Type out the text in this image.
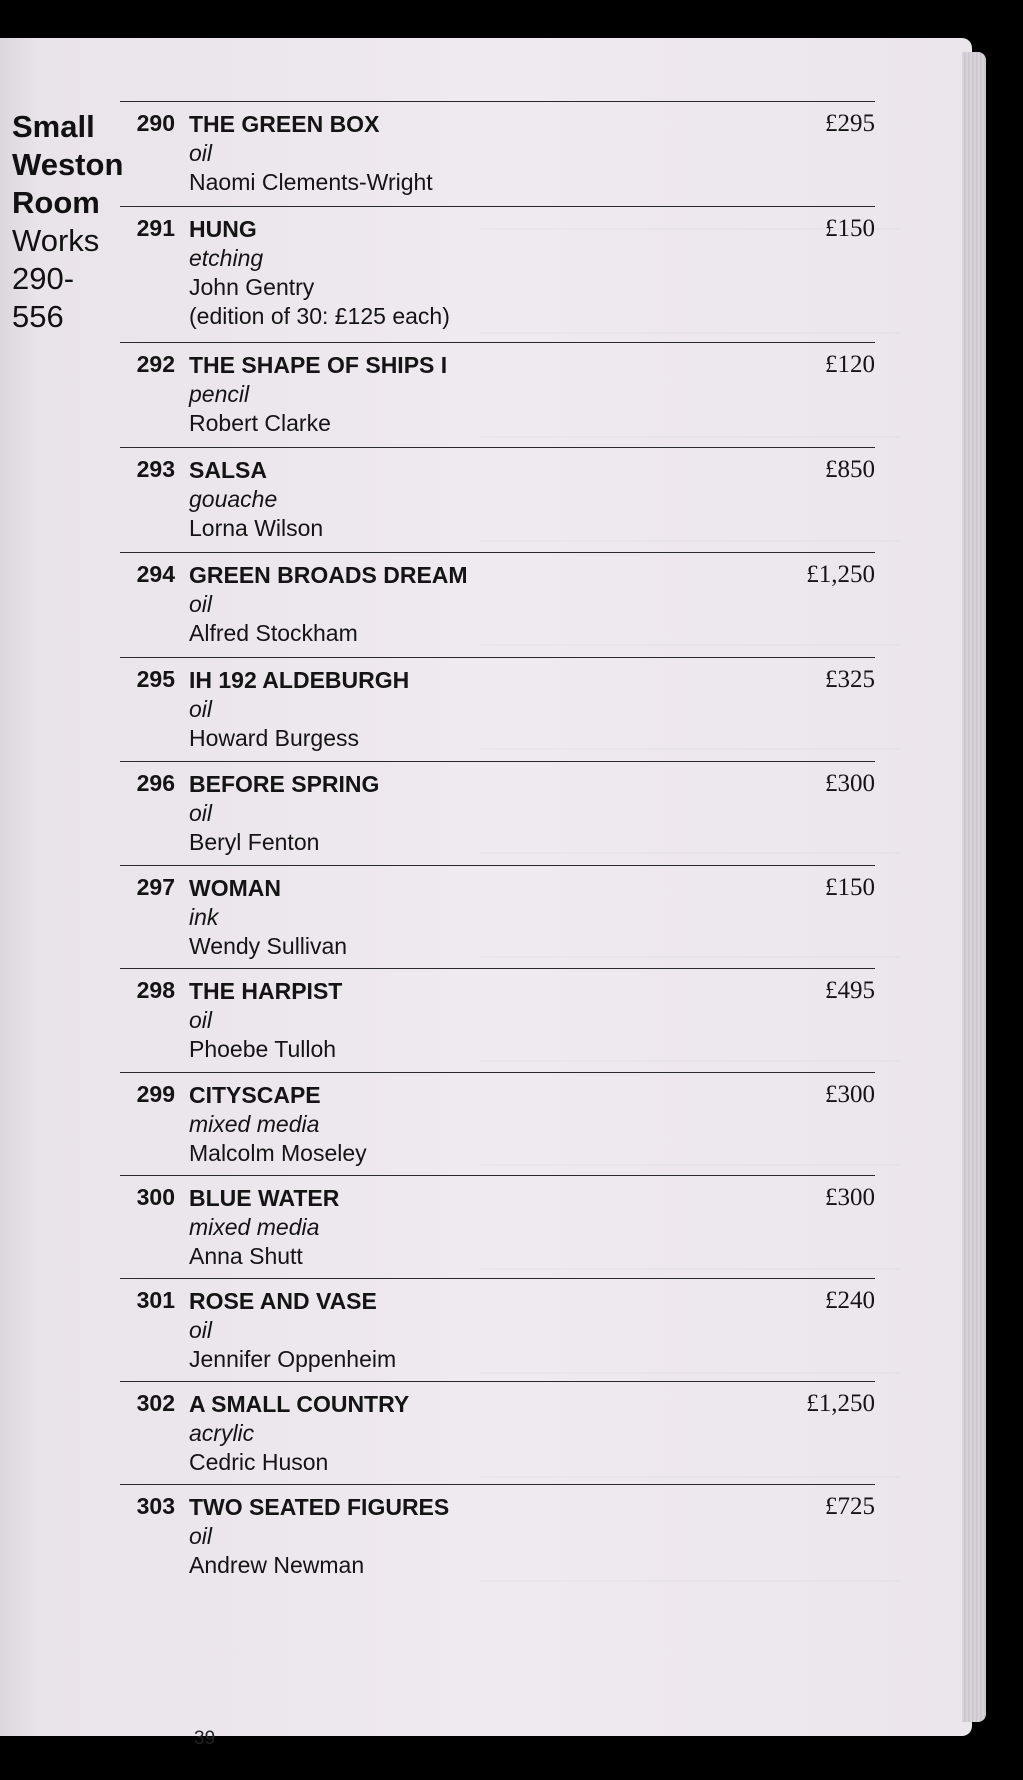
Small
Weston
Room
Works
290-
556
290 THE GREEN BOX
oil
Naomi Clements-Wright
£295
291 HUNG
etching
John Gentry
(edition of 30: £125 each)
£150
292 THE SHAPE OF SHIPS I
pencil
Robert Clarke
£120
293 SALSA
gouache
Lorna Wilson
£850
294 GREEN BROADS DREAM
oil
Alfred Stockham
£1,250
295 IH 192 ALDEBURGH
oil
Howard Burgess
£325
296 BEFORE SPRING
oil
Beryl Fenton
£300
297 WOMAN
ink
Wendy Sullivan
£150
298 THE HARPIST
oil
Phoebe Tulloh
£495
299 CITYSCAPE
mixed media
Malcolm Moseley
£300
300 BLUE WATER
mixed media
Anna Shutt
£300
301 ROSE AND VASE
oil
Jennifer Oppenheim
£240
302 A SMALL COUNTRY
acrylic
Cedric Huson
£1,250
303 TWO SEATED FIGURES
oil
Andrew Newman
£725
39
